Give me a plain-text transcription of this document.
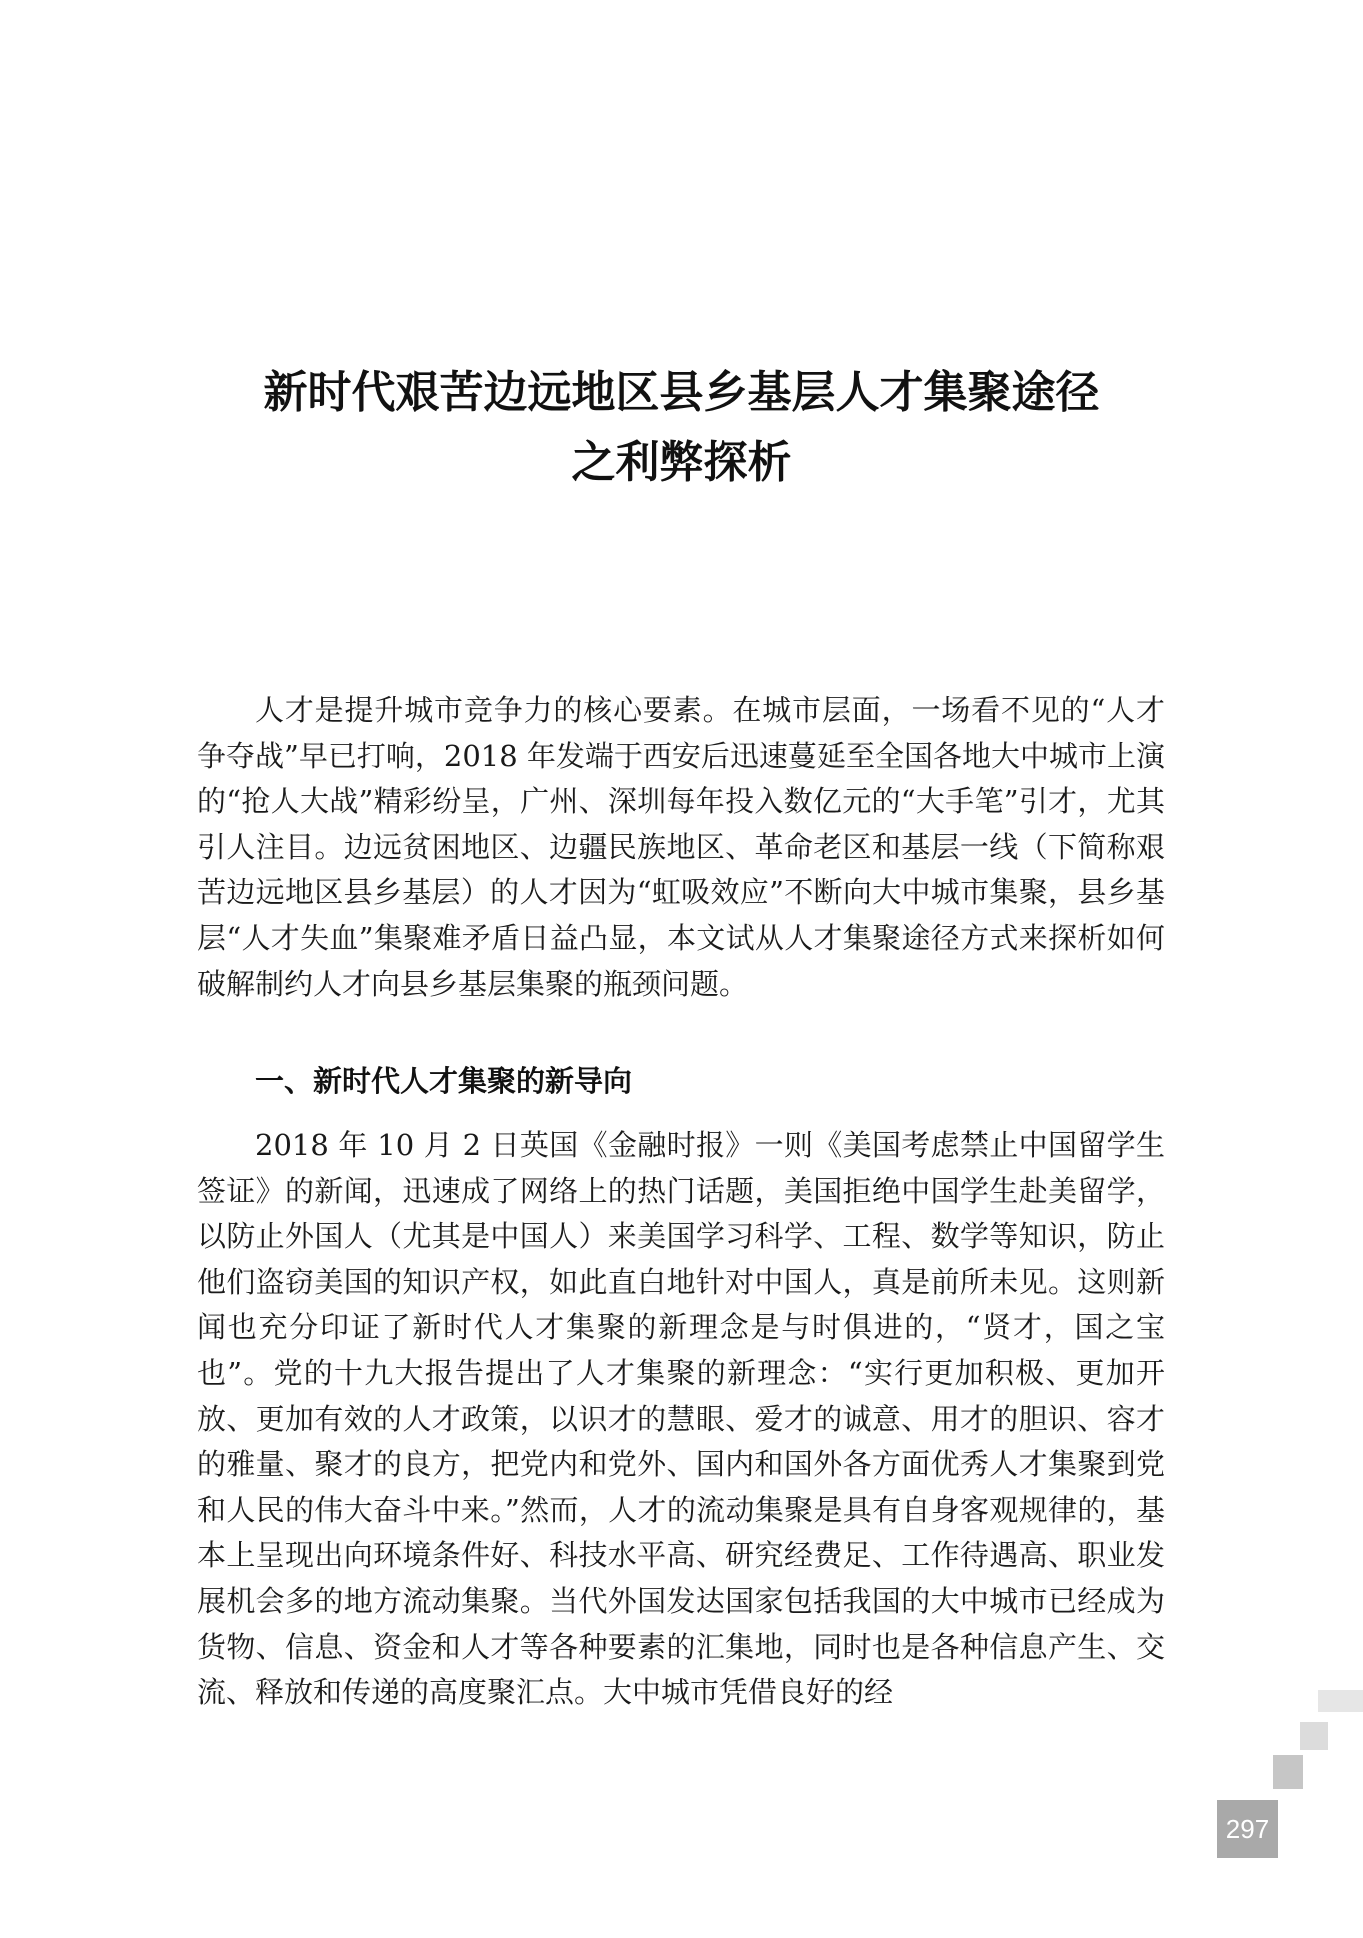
新时代艰苦边远地区县乡基层人才集聚途径
之利弊探析

人才是提升城市竞争力的核心要素。在城市层面，一场看不见的“人才争夺战”早已打响，2018 年发端于西安后迅速蔓延至全国各地大中城市上演的“抢人大战”精彩纷呈，广州、深圳每年投入数亿元的“大手笔”引才，尤其引人注目。边远贫困地区、边疆民族地区、革命老区和基层一线（下简称艰苦边远地区县乡基层）的人才因为“虹吸效应”不断向大中城市集聚，县乡基层“人才失血”集聚难矛盾日益凸显，本文试从人才集聚途径方式来探析如何破解制约人才向县乡基层集聚的瓶颈问题。

一、新时代人才集聚的新导向

2018 年 10 月 2 日英国《金融时报》一则《美国考虑禁止中国留学生签证》的新闻，迅速成了网络上的热门话题，美国拒绝中国学生赴美留学，以防止外国人（尤其是中国人）来美国学习科学、工程、数学等知识，防止他们盗窃美国的知识产权，如此直白地针对中国人，真是前所未见。这则新闻也充分印证了新时代人才集聚的新理念是与时俱进的，“贤才，国之宝也”。党的十九大报告提出了人才集聚的新理念：“实行更加积极、更加开放、更加有效的人才政策，以识才的慧眼、爱才的诚意、用才的胆识、容才的雅量、聚才的良方，把党内和党外、国内和国外各方面优秀人才集聚到党和人民的伟大奋斗中来。”然而，人才的流动集聚是具有自身客观规律的，基本上呈现出向环境条件好、科技水平高、研究经费足、工作待遇高、职业发展机会多的地方流动集聚。当代外国发达国家包括我国的大中城市已经成为货物、信息、资金和人才等各种要素的汇集地，同时也是各种信息产生、交流、释放和传递的高度聚汇点。大中城市凭借良好的经

297
